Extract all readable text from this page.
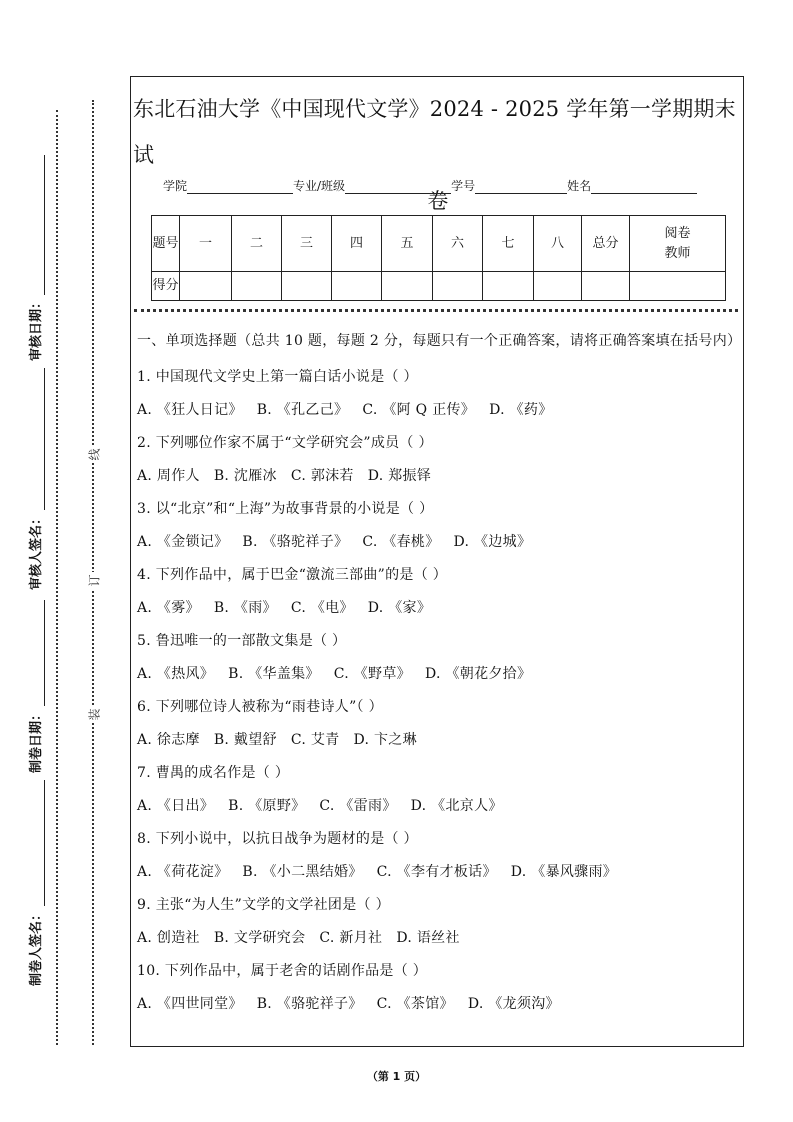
审核日期：
审核人签名：
制卷日期：
制卷人签名：
线
订
装
东北石油大学《中国现代文学》2024 - 2025 学年第一学期期末试
卷
学院	专业/班级	学号	姓名
题号	一	二	三	四	五	六	七	八	总分	阅卷教师
得分										
一、单项选择题（总共 10 题，每题 2 分，每题只有一个正确答案，请将正确答案填在括号内）
1. 中国现代文学史上第一篇白话小说是（ ）
A. 《狂人日记》 B. 《孔乙己》 C. 《阿 Q 正传》 D. 《药》
2. 下列哪位作家不属于“文学研究会”成员（ ）
A. 周作人 B. 沈雁冰 C. 郭沫若 D. 郑振铎
3. 以“北京”和“上海”为故事背景的小说是（ ）
A. 《金锁记》 B. 《骆驼祥子》 C. 《春桃》 D. 《边城》
4. 下列作品中，属于巴金“激流三部曲”的是（ ）
A. 《雾》 B. 《雨》 C. 《电》 D. 《家》
5. 鲁迅唯一的一部散文集是（ ）
A. 《热风》 B. 《华盖集》 C. 《野草》 D. 《朝花夕拾》
6. 下列哪位诗人被称为“雨巷诗人”（ ）
A. 徐志摩 B. 戴望舒 C. 艾青 D. 卞之琳
7. 曹禺的成名作是（ ）
A. 《日出》 B. 《原野》 C. 《雷雨》 D. 《北京人》
8. 下列小说中，以抗日战争为题材的是（ ）
A. 《荷花淀》 B. 《小二黑结婚》 C. 《李有才板话》 D. 《暴风骤雨》
9. 主张“为人生”文学的文学社团是（ ）
A. 创造社 B. 文学研究会 C. 新月社 D. 语丝社
10. 下列作品中，属于老舍的话剧作品是（ ）
A. 《四世同堂》 B. 《骆驼祥子》 C. 《茶馆》 D. 《龙须沟》
（第 1 页）
